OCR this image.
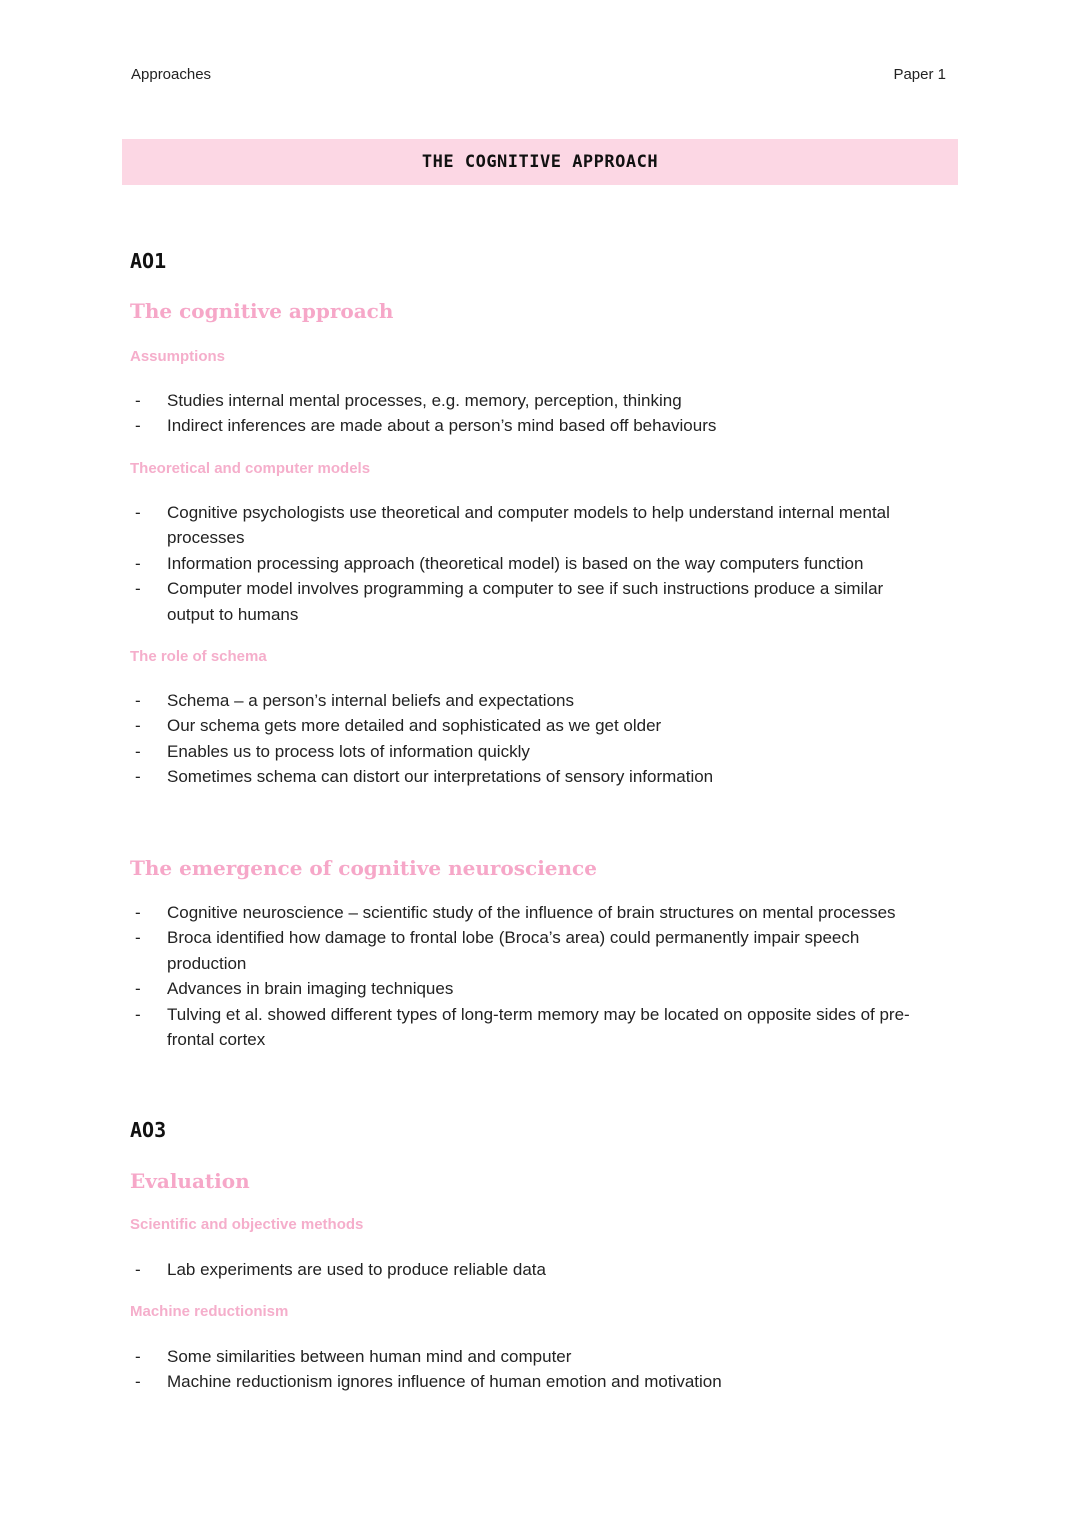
Approaches	Paper 1
THE COGNITIVE APPROACH
AO1
The cognitive approach
Assumptions
- Studies internal mental processes, e.g. memory, perception, thinking
- Indirect inferences are made about a person’s mind based off behaviours
Theoretical and computer models
- Cognitive psychologists use theoretical and computer models to help understand internal mental processes
- Information processing approach (theoretical model) is based on the way computers function
- Computer model involves programming a computer to see if such instructions produce a similar output to humans
The role of schema
- Schema – a person’s internal beliefs and expectations
- Our schema gets more detailed and sophisticated as we get older
- Enables us to process lots of information quickly
- Sometimes schema can distort our interpretations of sensory information
The emergence of cognitive neuroscience
- Cognitive neuroscience – scientific study of the influence of brain structures on mental processes
- Broca identified how damage to frontal lobe (Broca’s area) could permanently impair speech production
- Advances in brain imaging techniques
- Tulving et al. showed different types of long-term memory may be located on opposite sides of pre-frontal cortex
AO3
Evaluation
Scientific and objective methods
- Lab experiments are used to produce reliable data
Machine reductionism
- Some similarities between human mind and computer
- Machine reductionism ignores influence of human emotion and motivation
